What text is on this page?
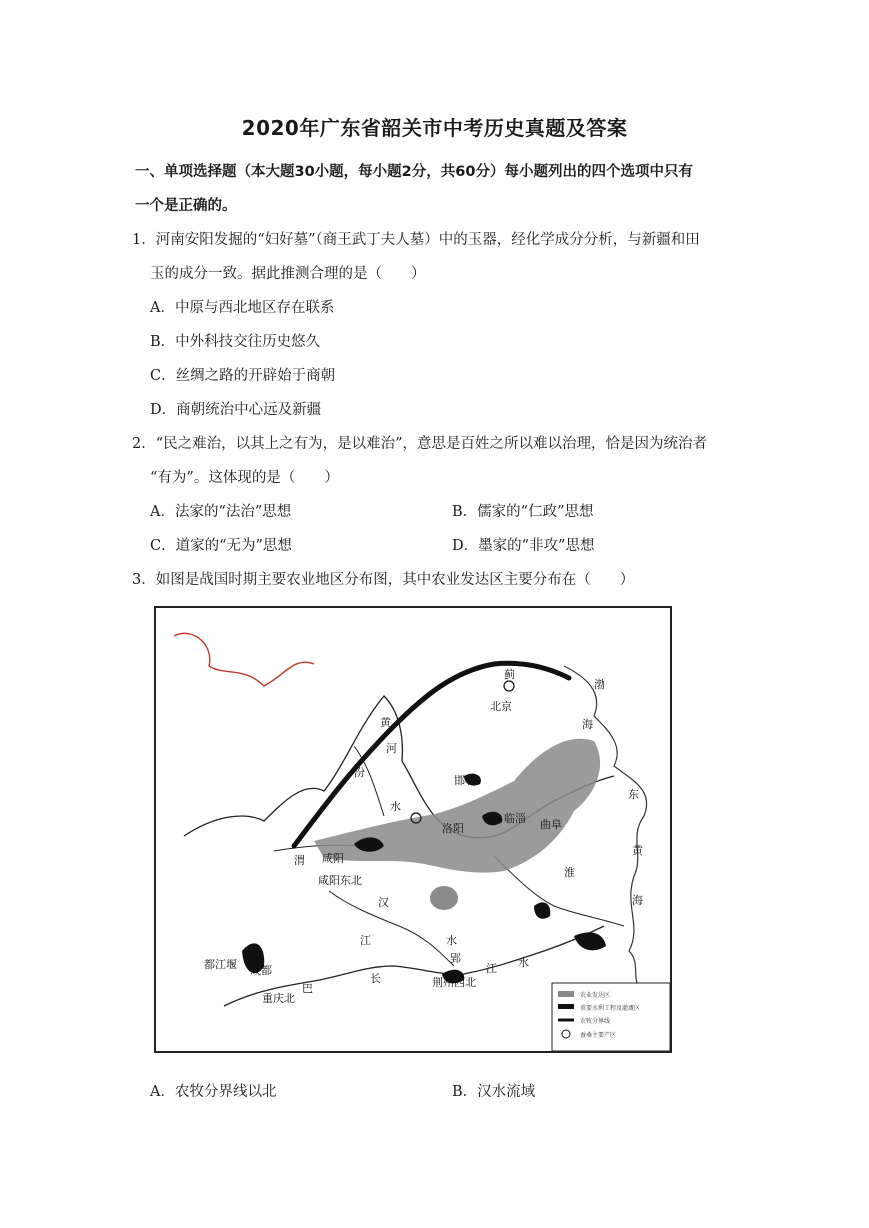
2020年广东省韶关市中考历史真题及答案
一、单项选择题（本大题30小题，每小题2分，共60分）每小题列出的四个选项中只有
一个是正确的。
1．河南安阳发掘的“妇好墓”（商王武丁夫人墓）中的玉器，经化学成分分析，与新疆和田
玉的成分一致。据此推测合理的是（　　）
A．中原与西北地区存在联系
B．中外科技交往历史悠久
C．丝绸之路的开辟始于商朝
D．商朝统治中心远及新疆
2．“民之难治，以其上之有为，是以难治”，意思是百姓之所以难以治理，恰是因为统治者
“有为”。这体现的是（　　）
A．法家的“法治”思想	B．儒家的“仁政”思想
C．道家的“无为”思想	D．墨家的“非攻”思想
3．如图是战国时期主要农业地区分布图，其中农业发达区主要分布在（　　）
北京
蓟
渤
海
东
黄
海
黄
河
水
邯郸
临淄
洛阳
咸阳
咸阳东北
郢
荆州西北
长
江
江 水
汉
水
都江堰 成都
重庆北
巴
渭
汾
曲阜
淮
农业发达区
重要水利工程及灌溉区
农牧分界线
蚕桑主要产区
A．农牧分界线以北	B．汉水流域
